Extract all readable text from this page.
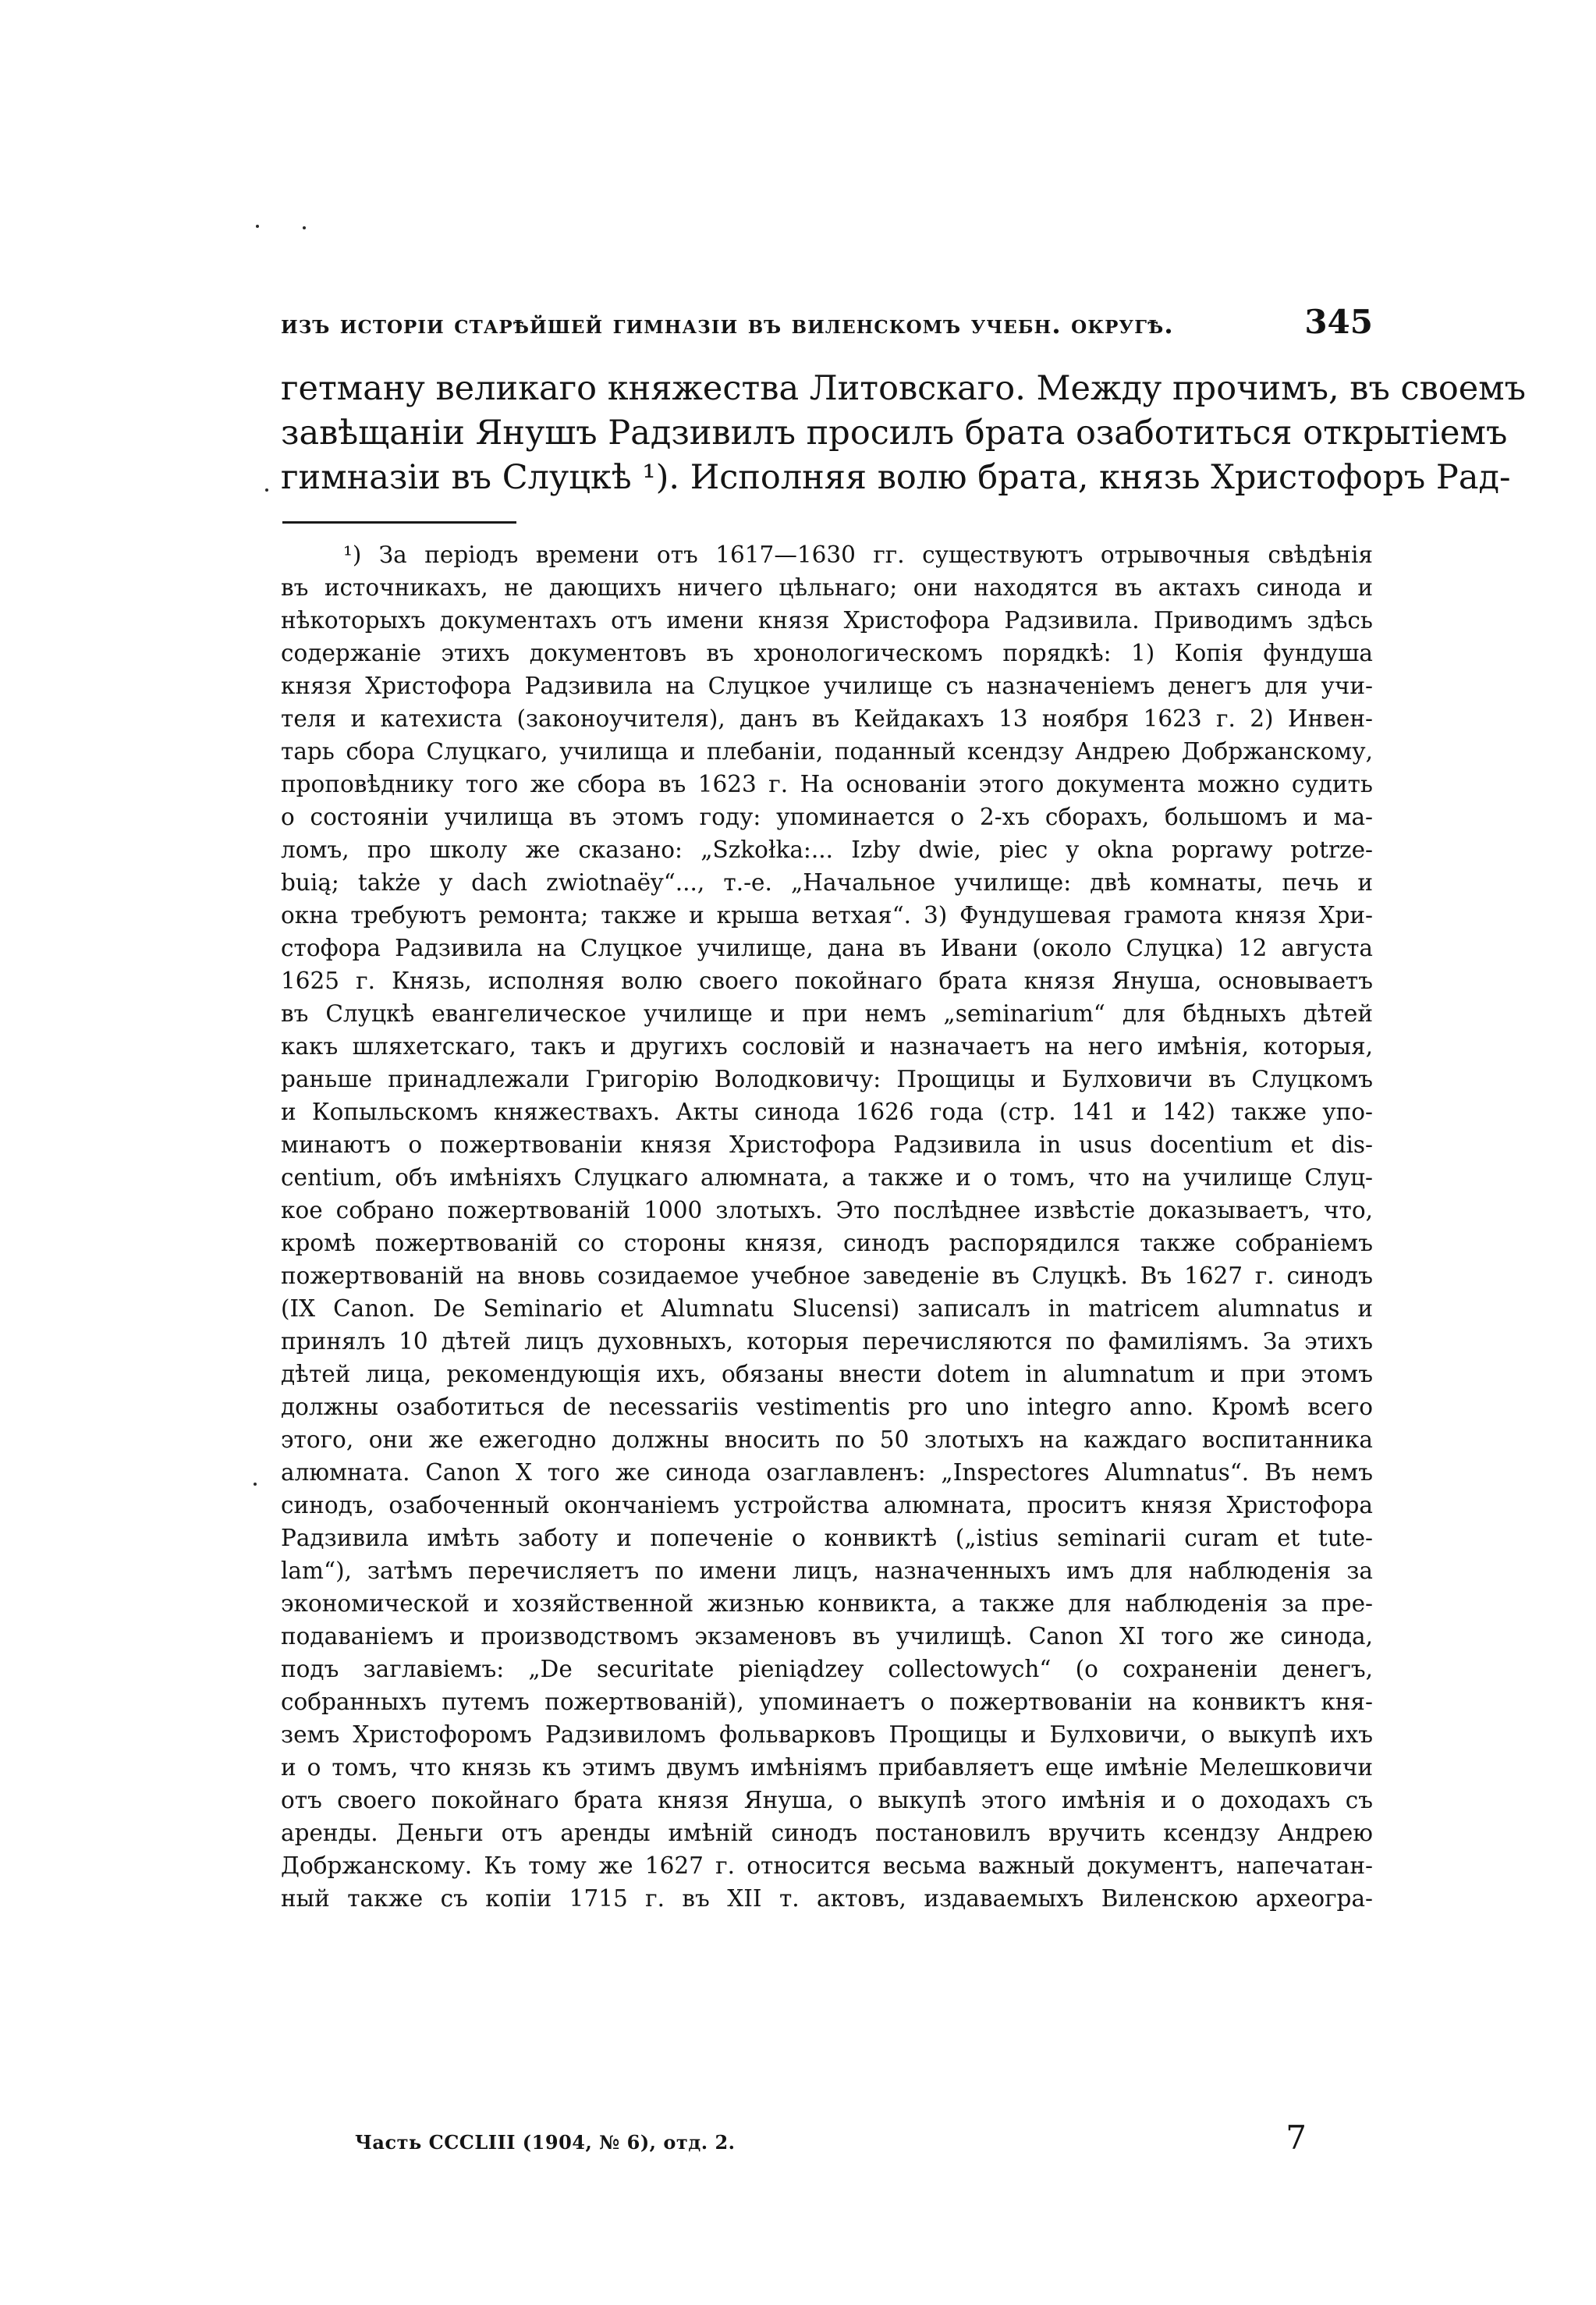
изъ исторіи старѣйшей гимназіи въ виленскомъ учебн. округѣ.	345
гетману великаго княжества Литовскаго. Между прочимъ, въ своемъ
завѣщаніи Янушъ Радзивилъ просилъ брата озаботиться открытіемъ
гимназіи въ Слуцкѣ ¹). Исполняя волю брата, князь Христофоръ Рад-
¹) За періодъ времени отъ 1617—1630 гг. существуютъ отрывочныя свѣдѣнія
въ источникахъ, не дающихъ ничего цѣльнаго; они находятся въ актахъ синода и
нѣкоторыхъ документахъ отъ имени князя Христофора Радзивила. Приводимъ здѣсь
содержаніе этихъ документовъ въ хронологическомъ порядкѣ: 1) Копія фундуша
князя Христофора Радзивила на Слуцкое училище съ назначеніемъ денегъ для учи-
теля и катехиста (законоучителя), данъ въ Кейдакахъ 13 ноября 1623 г. 2) Инвен-
тарь сбора Слуцкаго, училища и плебаніи, поданный ксендзу Андрею Добржанскому,
проповѣднику того же сбора въ 1623 г. На основаніи этого документа можно судить
о состояніи училища въ этомъ году: упоминается о 2-хъ сборахъ, большомъ и ма-
ломъ, про школу же сказано: „Szkołka:... Izby dwie, piec y okna poprawy potrze-
buią; także y dach zwiotnaëy“..., т.-е. „Начальное училище: двѣ комнаты, печь и
окна требуютъ ремонта; также и крыша ветхая“. 3) Фундушевая грамота князя Хри-
стофора Радзивила на Слуцкое училище, дана въ Ивани (около Слуцка) 12 августа
1625 г. Князь, исполняя волю своего покойнаго брата князя Януша, основываетъ
въ Слуцкѣ евангелическое училище и при немъ „seminarium“ для бѣдныхъ дѣтей
какъ шляхетскаго, такъ и другихъ сословій и назначаетъ на него имѣнія, которыя,
раньше принадлежали Григорію Володковичу: Прощицы и Булховичи въ Слуцкомъ
и Копыльскомъ княжествахъ. Акты синода 1626 года (стр. 141 и 142) также упо-
минаютъ о пожертвованіи князя Христофора Радзивила in usus docentium et dis-
centium, объ имѣніяхъ Слуцкаго алюмната, а также и о томъ, что на училище Слуц-
кое собрано пожертвованій 1000 злотыхъ. Это послѣднее извѣстіе доказываетъ, что,
кромѣ пожертвованій со стороны князя, синодъ распорядился также собраніемъ
пожертвованій на вновь созидаемое учебное заведеніе въ Слуцкѣ. Въ 1627 г. синодъ
(IX Canon. De Seminario et Alumnatu Slucensi) записалъ in matricem alumnatus и
принялъ 10 дѣтей лицъ духовныхъ, которыя перечисляются по фамиліямъ. За этихъ
дѣтей лица, рекомендующія ихъ, обязаны внести dotem in alumnatum и при этомъ
должны озаботиться de necessariis vestimentis pro uno integro anno. Кромѣ всего
этого, они же ежегодно должны вносить по 50 злотыхъ на каждаго воспитанника
алюмната. Canon X того же синода озаглавленъ: „Inspectores Alumnatus“. Въ немъ
синодъ, озабоченный окончаніемъ устройства алюмната, проситъ князя Христофора
Радзивила имѣть заботу и попеченіе о конвиктѣ („istius seminarii curam et tute-
lam“), затѣмъ перечисляетъ по имени лицъ, назначенныхъ имъ для наблюденія за
экономической и хозяйственной жизнью конвикта, а также для наблюденія за пре-
подаваніемъ и производствомъ экзаменовъ въ училищѣ. Canon XI того же синода,
подъ заглавіемъ: „De securitate pieniądzey collectowych“ (о сохраненіи денегъ,
собранныхъ путемъ пожертвованій), упоминаетъ о пожертвованіи на конвиктъ кня-
земъ Христофоромъ Радзивиломъ фольварковъ Прощицы и Булховичи, о выкупѣ ихъ
и о томъ, что князь къ этимъ двумъ имѣніямъ прибавляетъ еще имѣніе Мелешковичи
отъ своего покойнаго брата князя Януша, о выкупѣ этого имѣнія и о доходахъ съ
аренды. Деньги отъ аренды имѣній синодъ постановилъ вручить ксендзу Андрею
Добржанскому. Къ тому же 1627 г. относится весьма важный документъ, напечатан-
ный также съ копіи 1715 г. въ XII т. актовъ, издаваемыхъ Виленскою археогра-
Часть CCCLIII (1904, № 6), отд. 2.	7
